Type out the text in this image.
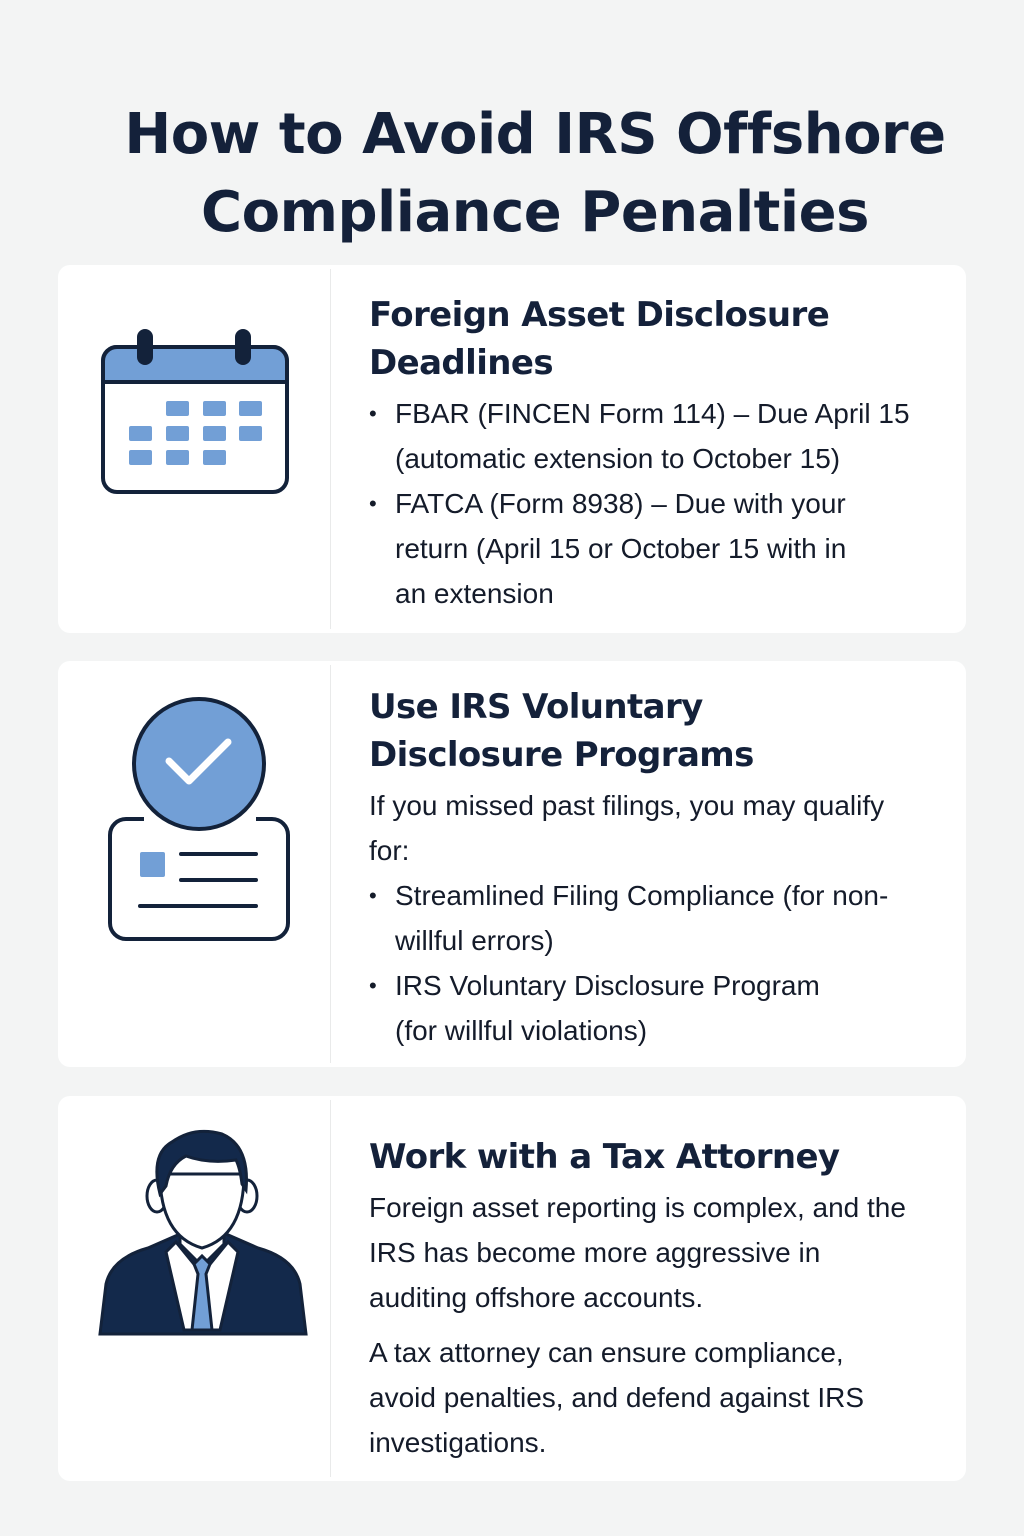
How to Avoid IRS Offshore
Compliance Penalties
Foreign Asset Disclosure
Deadlines
• FBAR (FINCEN Form 114) – Due April 15
(automatic extension to October 15)
• FATCA (Form 8938) – Due with your
return (April 15 or October 15 with in
an extension
Use IRS Voluntary
Disclosure Programs

If you missed past filings, you may qualify
for:

• Streamlined Filing Compliance (for non-
willful errors)
• IRS Voluntary Disclosure Program
(for willful violations)
Work with a Tax Attorney

Foreign asset reporting is complex, and the
IRS has become more aggressive in
auditing offshore accounts.

A tax attorney can ensure compliance,
avoid penalties, and defend against IRS
investigations.
